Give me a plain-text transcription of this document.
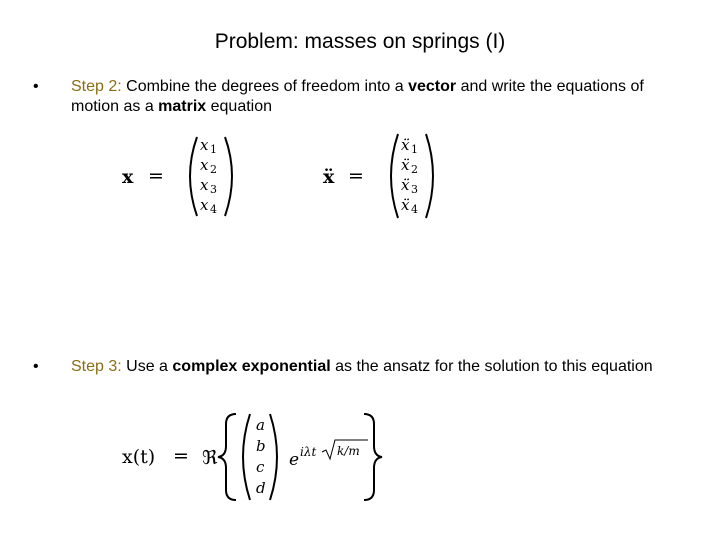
Problem: masses on springs (I)
• Step 2: Combine the degrees of freedom into a vector and write the equations of motion as a matrix equation
• Step 3: Use a complex exponential as the ansatz for the solution to this equation
x =
x 1
x 2
x 3
x 4
ẍ =
ẍ 1
ẍ 2
ẍ 3
ẍ 4
x(t) = ℜ
a
b
c
d
e iλt k/m
